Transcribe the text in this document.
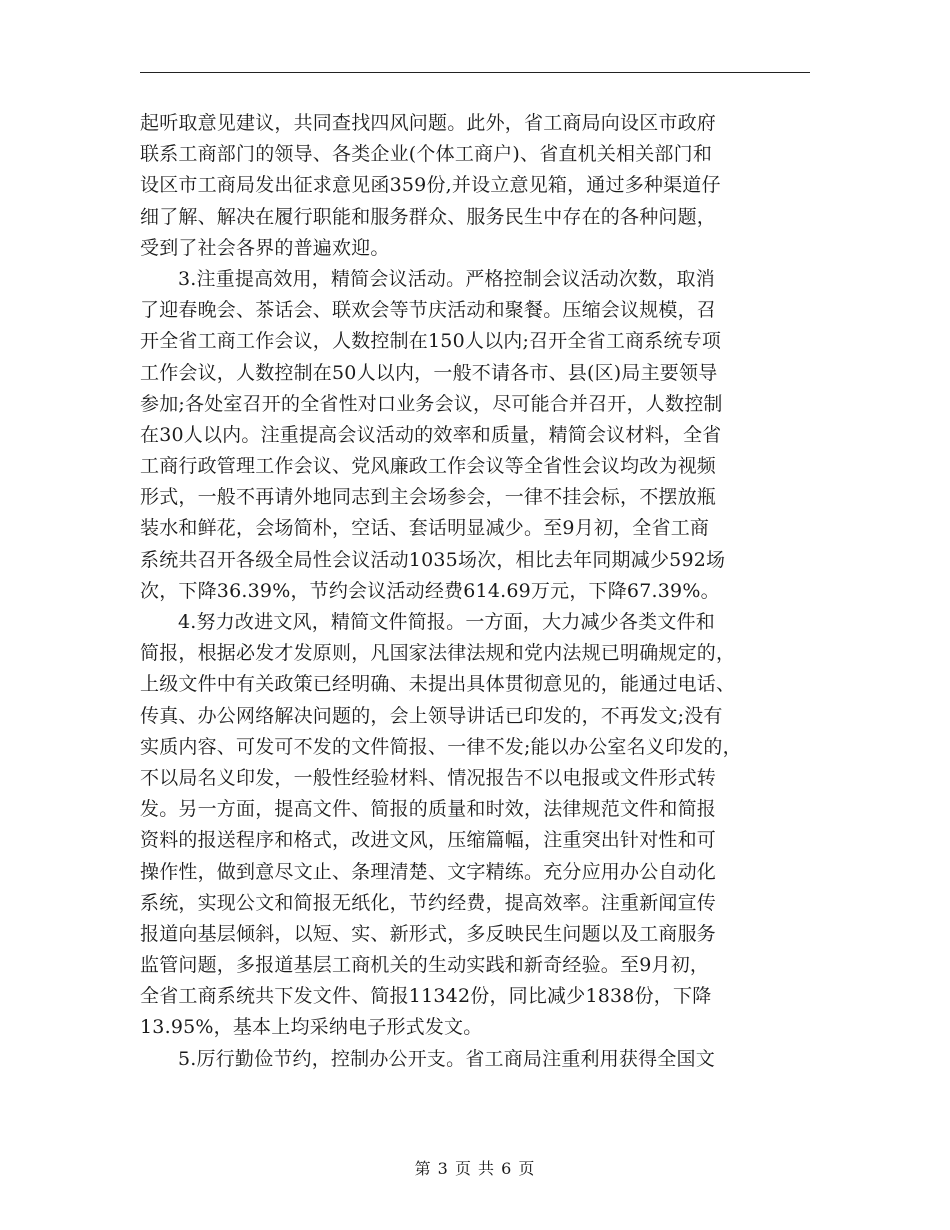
起听取意见建议，共同查找四风问题。此外，省工商局向设区市政府
联系工商部门的领导、各类企业(个体工商户)、省直机关相关部门和
设区市工商局发出征求意见函359份,并设立意见箱，通过多种渠道仔
细了解、解决在履行职能和服务群众、服务民生中存在的各种问题，
受到了社会各界的普遍欢迎。
3.注重提高效用，精简会议活动。严格控制会议活动次数，取消
了迎春晚会、茶话会、联欢会等节庆活动和聚餐。压缩会议规模，召
开全省工商工作会议，人数控制在150人以内;召开全省工商系统专项
工作会议，人数控制在50人以内，一般不请各市、县(区)局主要领导
参加;各处室召开的全省性对口业务会议，尽可能合并召开，人数控制
在30人以内。注重提高会议活动的效率和质量，精简会议材料，全省
工商行政管理工作会议、党风廉政工作会议等全省性会议均改为视频
形式，一般不再请外地同志到主会场参会，一律不挂会标，不摆放瓶
装水和鲜花，会场简朴，空话、套话明显减少。至9月初，全省工商
系统共召开各级全局性会议活动1035场次，相比去年同期减少592场
次，下降36.39%，节约会议活动经费614.69万元，下降67.39%。
4.努力改进文风，精简文件简报。一方面，大力减少各类文件和
简报，根据必发才发原则，凡国家法律法规和党内法规已明确规定的，
上级文件中有关政策已经明确、未提出具体贯彻意见的，能通过电话、
传真、办公网络解决问题的，会上领导讲话已印发的，不再发文;没有
实质内容、可发可不发的文件简报、一律不发;能以办公室名义印发的，
不以局名义印发，一般性经验材料、情况报告不以电报或文件形式转
发。另一方面，提高文件、简报的质量和时效，法律规范文件和简报
资料的报送程序和格式，改进文风，压缩篇幅，注重突出针对性和可
操作性，做到意尽文止、条理清楚、文字精练。充分应用办公自动化
系统，实现公文和简报无纸化，节约经费，提高效率。注重新闻宣传
报道向基层倾斜，以短、实、新形式，多反映民生问题以及工商服务
监管问题，多报道基层工商机关的生动实践和新奇经验。至9月初，
全省工商系统共下发文件、简报11342份，同比减少1838份，下降
13.95%，基本上均采纳电子形式发文。
5.厉行勤俭节约，控制办公开支。省工商局注重利用获得全国文
第 3 页 共 6 页
